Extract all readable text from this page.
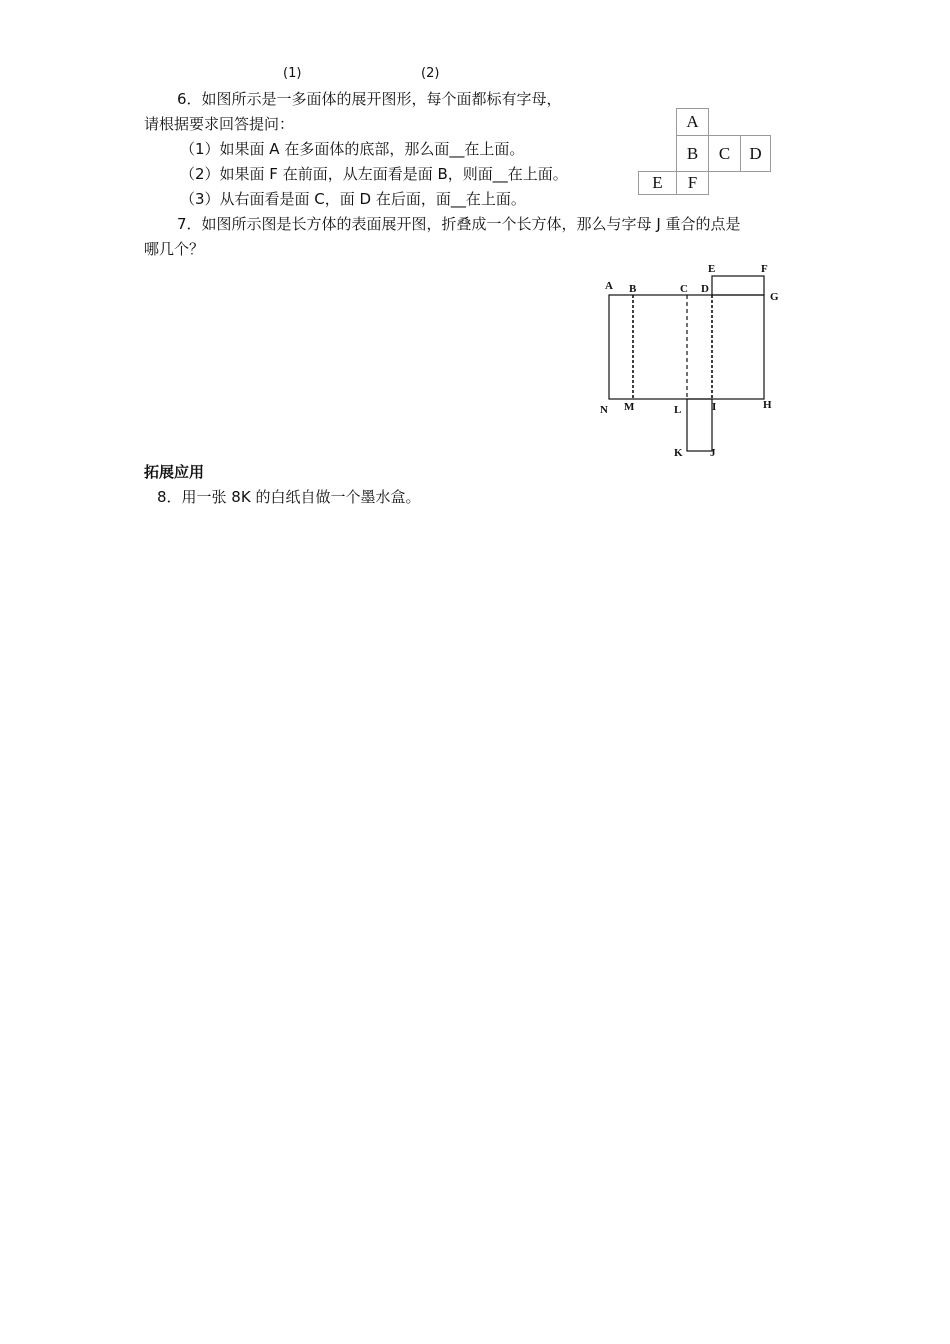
(1)	(2)
6．如图所示是一多面体的展开图形，每个面都标有字母，
请根据要求回答提问：
（1）如果面 A 在多面体的底部，那么面__在上面。
（2）如果面 F 在前面，从左面看是面 B，则面__在上面。
（3）从右面看是面 C，面 D 在后面，面__在上面。
A
B	C	D
E	F
7．如图所示图是长方体的表面展开图，折叠成一个长方体，那么与字母 J 重合的点是
哪几个？
A B	C D
E	F
G
N M	L	I	H
K J
拓展应用
8．用一张 8K 的白纸自做一个墨水盒。
